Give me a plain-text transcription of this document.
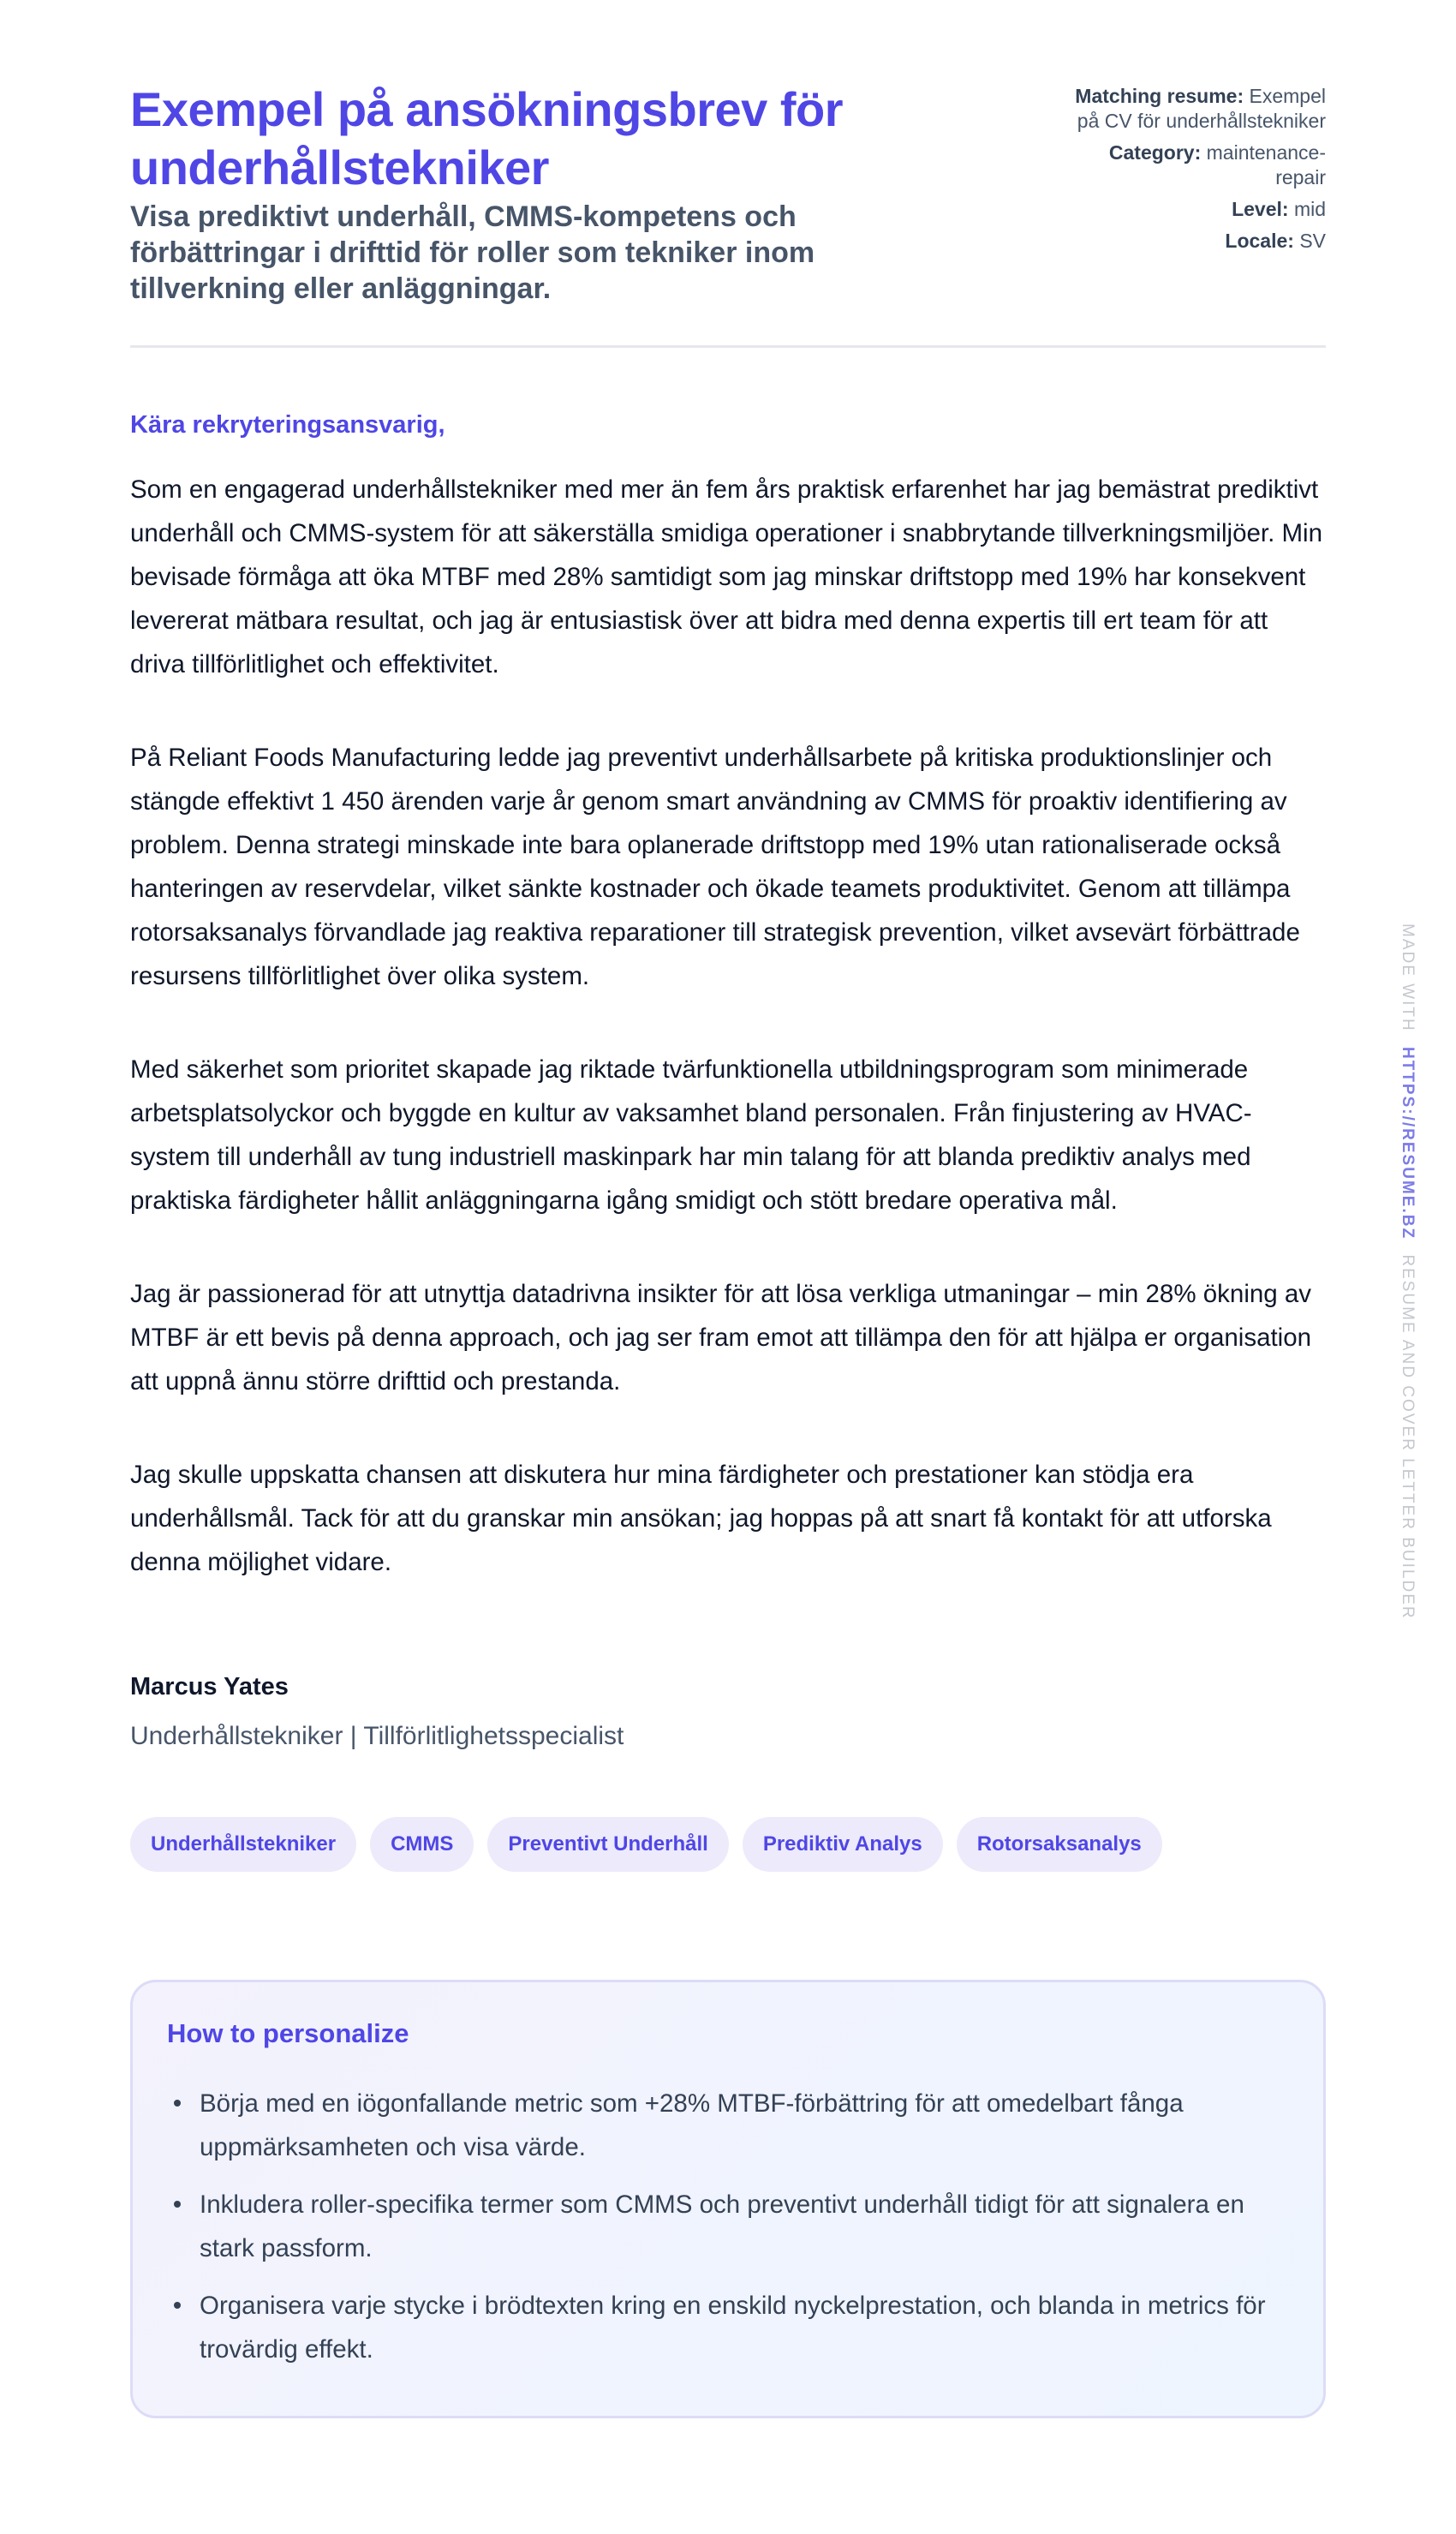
Exempel på ansökningsbrev för underhållstekniker

Visa prediktivt underhåll, CMMS-kompetens och förbättringar i drifttid för roller som tekniker inom tillverkning eller anläggningar.

Matching resume: Exempel på CV för underhållstekniker
Category: maintenance-repair
Level: mid
Locale: SV
Kära rekryteringsansvarig,

Som en engagerad underhållstekniker med mer än fem års praktisk erfarenhet har jag bemästrat prediktivt underhåll och CMMS-system för att säkerställa smidiga operationer i snabbrytande tillverkningsmiljöer. Min bevisade förmåga att öka MTBF med 28% samtidigt som jag minskar driftstopp med 19% har konsekvent levererat mätbara resultat, och jag är entusiastisk över att bidra med denna expertis till ert team för att driva tillförlitlighet och effektivitet.

På Reliant Foods Manufacturing ledde jag preventivt underhållsarbete på kritiska produktionslinjer och stängde effektivt 1 450 ärenden varje år genom smart användning av CMMS för proaktiv identifiering av problem. Denna strategi minskade inte bara oplanerade driftstopp med 19% utan rationaliserade också hanteringen av reservdelar, vilket sänkte kostnader och ökade teamets produktivitet. Genom att tillämpa rotorsaksanalys förvandlade jag reaktiva reparationer till strategisk prevention, vilket avsevärt förbättrade resursens tillförlitlighet över olika system.

Med säkerhet som prioritet skapade jag riktade tvärfunktionella utbildningsprogram som minimerade arbetsplatsolyckor och byggde en kultur av vaksamhet bland personalen. Från finjustering av HVAC-system till underhåll av tung industriell maskinpark har min talang för att blanda prediktiv analys med praktiska färdigheter hållit anläggningarna igång smidigt och stött bredare operativa mål.

Jag är passionerad för att utnyttja datadrivna insikter för att lösa verkliga utmaningar – min 28% ökning av MTBF är ett bevis på denna approach, och jag ser fram emot att tillämpa den för att hjälpa er organisation att uppnå ännu större drifttid och prestanda.

Jag skulle uppskatta chansen att diskutera hur mina färdigheter och prestationer kan stödja era underhållsmål. Tack för att du granskar min ansökan; jag hoppas på att snart få kontakt för att utforska denna möjlighet vidare.

Marcus Yates
Underhållstekniker | Tillförlitlighetsspecialist
Underhållstekniker	CMMS	Preventivt Underhåll	Prediktiv Analys	Rotorsaksanalys
How to personalize
Börja med en iögonfallande metric som +28% MTBF-förbättring för att omedelbart fånga uppmärksamheten och visa värde.
Inkludera roller-specifika termer som CMMS och preventivt underhåll tidigt för att signalera en stark passform.
Organisera varje stycke i brödtexten kring en enskild nyckelprestation, och blanda in metrics för trovärdig effekt.
MADE WITH HTTPS://RESUME.BZ RESUME AND COVER LETTER BUILDER
